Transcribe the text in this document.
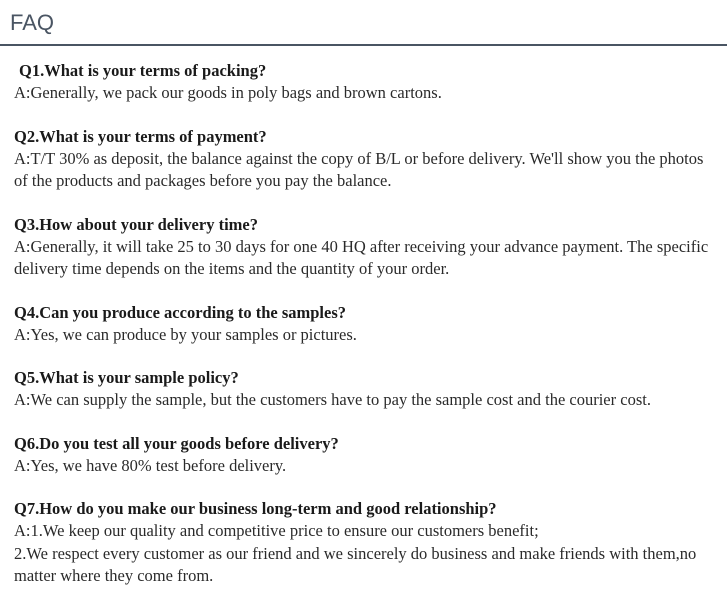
FAQ

Q1.What is your terms of packing?

A:Generally, we pack our goods in poly bags and brown cartons.

Q2.What is your terms of payment?

A:T/T 30% as deposit, the balance against the copy of B/L or before delivery. We'll show you the photos of the products and packages before you pay the balance.

Q3.How about your delivery time?

A:Generally, it will take 25 to 30 days for one 40 HQ after receiving your advance payment. The specific delivery time depends on the items and the quantity of your order.

Q4.Can you produce according to the samples?

A:Yes, we can produce by your samples or pictures.

Q5.What is your sample policy?

A:We can supply the sample, but the customers have to pay the sample cost and the courier cost.

Q6.Do you test all your goods before delivery?

A:Yes, we have 80% test before delivery.

Q7.How do you make our business long-term and good relationship?

A:1.We keep our quality and competitive price to ensure our customers benefit;

2.We respect every customer as our friend and we sincerely do business and make friends with them,no matter where they come from.
